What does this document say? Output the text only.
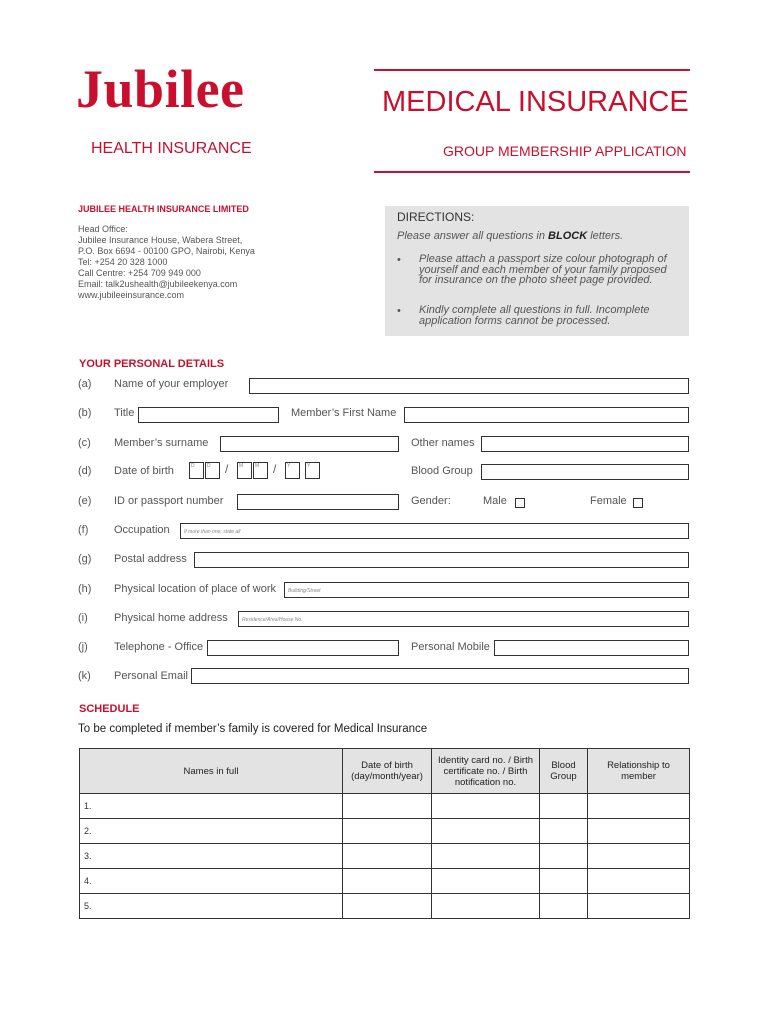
Jubilee
HEALTH INSURANCE
MEDICAL INSURANCE
GROUP MEMBERSHIP APPLICATION
JUBILEE HEALTH INSURANCE LIMITED
Head Office:
Jubilee Insurance House, Wabera Street,
P.O. Box 6694 - 00100 GPO, Nairobi, Kenya
Tel: +254 20 328 1000
Call Centre: +254 709 949 000
Email: talk2ushealth@jubileekenya.com
www.jubileeinsurance.com
DIRECTIONS:
Please answer all questions in BLOCK letters.
• Please attach a passport size colour photograph of yourself and each member of your family proposed for insurance on the photo sheet page provided.
• Kindly complete all questions in full. Incomplete application forms cannot be processed.
YOUR PERSONAL DETAILS
(a) Name of your employer
(b) Title	Member’s First Name
(c) Member’s surname	Other names
(d) Date of birth	D D / M M / Y	Y	Blood Group
(e) ID or passport number	Gender:	Male	Female
(f) Occupation	If more than one, state all
(g) Postal address
(h) Physical location of place of work	Building/Street
(i) Physical home address	Residence/Area/House No.
(j) Telephone - Office	Personal Mobile
(k) Personal Email
SCHEDULE
To be completed if member’s family is covered for Medical Insurance
Names in full	Date of birth (day/month/year)	Identity card no. / Birth certificate no. / Birth notification no.	Blood Group	Relationship to member
1.				
2.				
3.				
4.				
5.				
